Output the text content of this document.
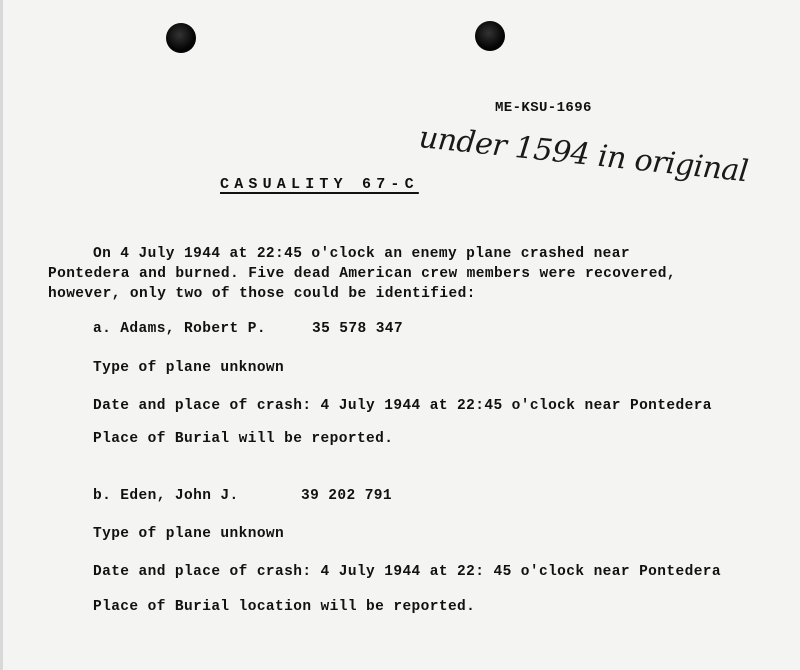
ME-KSU-1696
under 1594 in original
CASUALITY 67-C
On 4 July 1944 at 22:45 o'clock an enemy plane crashed near
Pontedera and burned. Five dead American crew members were recovered,
however, only two of those could be identified:
a. Adams, Robert P.	35 578 347
Type of plane unknown
Date and place of crash: 4 July 1944 at 22:45 o'clock near Pontedera
Place of Burial will be reported.
b. Eden, John J.	39 202 791
Type of plane unknown
Date and place of crash: 4 July 1944 at 22: 45 o'clock near Pontedera
Place of Burial location will be reported.
